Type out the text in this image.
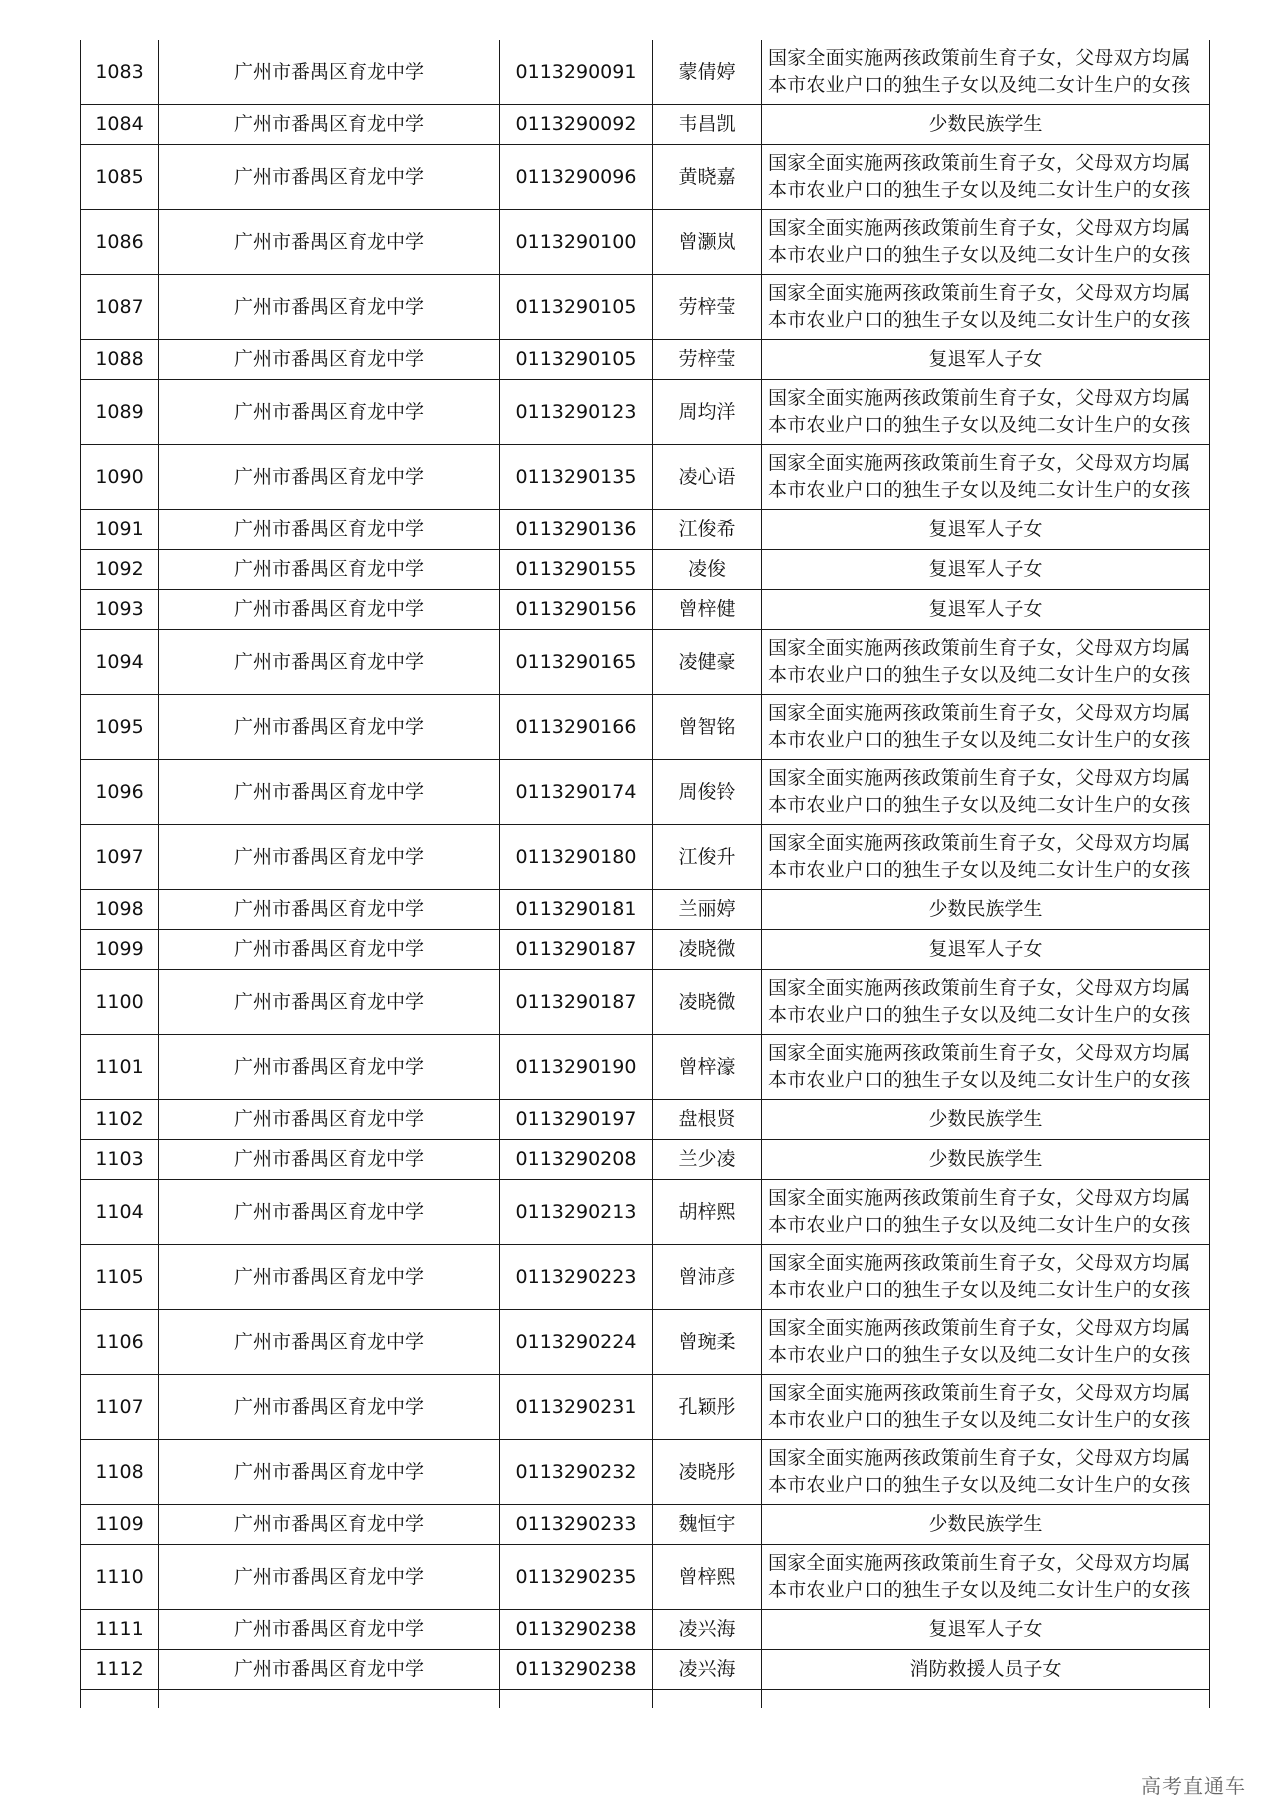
1083	广州市番禺区育龙中学	0113290091	蒙倩婷	国家全面实施两孩政策前生育子女，父母双方均属
本市农业户口的独生子女以及纯二女计生户的女孩

1084	广州市番禺区育龙中学	0113290092	韦昌凯	少数民族学生

1085	广州市番禺区育龙中学	0113290096	黄晓嘉	国家全面实施两孩政策前生育子女，父母双方均属
本市农业户口的独生子女以及纯二女计生户的女孩

1086	广州市番禺区育龙中学	0113290100	曾灏岚	国家全面实施两孩政策前生育子女，父母双方均属
本市农业户口的独生子女以及纯二女计生户的女孩

1087	广州市番禺区育龙中学	0113290105	劳梓莹	国家全面实施两孩政策前生育子女，父母双方均属
本市农业户口的独生子女以及纯二女计生户的女孩

1088	广州市番禺区育龙中学	0113290105	劳梓莹	复退军人子女

1089	广州市番禺区育龙中学	0113290123	周均洋	国家全面实施两孩政策前生育子女，父母双方均属
本市农业户口的独生子女以及纯二女计生户的女孩

1090	广州市番禺区育龙中学	0113290135	凌心语	国家全面实施两孩政策前生育子女，父母双方均属
本市农业户口的独生子女以及纯二女计生户的女孩

1091	广州市番禺区育龙中学	0113290136	江俊希	复退军人子女

1092	广州市番禺区育龙中学	0113290155	凌俊	复退军人子女

1093	广州市番禺区育龙中学	0113290156	曾梓健	复退军人子女

1094	广州市番禺区育龙中学	0113290165	凌健豪	国家全面实施两孩政策前生育子女，父母双方均属
本市农业户口的独生子女以及纯二女计生户的女孩

1095	广州市番禺区育龙中学	0113290166	曾智铭	国家全面实施两孩政策前生育子女，父母双方均属
本市农业户口的独生子女以及纯二女计生户的女孩

1096	广州市番禺区育龙中学	0113290174	周俊铃	国家全面实施两孩政策前生育子女，父母双方均属
本市农业户口的独生子女以及纯二女计生户的女孩

1097	广州市番禺区育龙中学	0113290180	江俊升	国家全面实施两孩政策前生育子女，父母双方均属
本市农业户口的独生子女以及纯二女计生户的女孩

1098	广州市番禺区育龙中学	0113290181	兰丽婷	少数民族学生

1099	广州市番禺区育龙中学	0113290187	凌晓微	复退军人子女

1100	广州市番禺区育龙中学	0113290187	凌晓微	国家全面实施两孩政策前生育子女，父母双方均属
本市农业户口的独生子女以及纯二女计生户的女孩

1101	广州市番禺区育龙中学	0113290190	曾梓濠	国家全面实施两孩政策前生育子女，父母双方均属
本市农业户口的独生子女以及纯二女计生户的女孩

1102	广州市番禺区育龙中学	0113290197	盘根贤	少数民族学生

1103	广州市番禺区育龙中学	0113290208	兰少凌	少数民族学生

1104	广州市番禺区育龙中学	0113290213	胡梓熙	国家全面实施两孩政策前生育子女，父母双方均属
本市农业户口的独生子女以及纯二女计生户的女孩

1105	广州市番禺区育龙中学	0113290223	曾沛彦	国家全面实施两孩政策前生育子女，父母双方均属
本市农业户口的独生子女以及纯二女计生户的女孩

1106	广州市番禺区育龙中学	0113290224	曾琬柔	国家全面实施两孩政策前生育子女，父母双方均属
本市农业户口的独生子女以及纯二女计生户的女孩

1107	广州市番禺区育龙中学	0113290231	孔颖彤	国家全面实施两孩政策前生育子女，父母双方均属
本市农业户口的独生子女以及纯二女计生户的女孩

1108	广州市番禺区育龙中学	0113290232	凌晓彤	国家全面实施两孩政策前生育子女，父母双方均属
本市农业户口的独生子女以及纯二女计生户的女孩

1109	广州市番禺区育龙中学	0113290233	魏恒宇	少数民族学生

1110	广州市番禺区育龙中学	0113290235	曾梓熙	国家全面实施两孩政策前生育子女，父母双方均属
本市农业户口的独生子女以及纯二女计生户的女孩

1111	广州市番禺区育龙中学	0113290238	凌兴海	复退军人子女

1112	广州市番禺区育龙中学	0113290238	凌兴海	消防救援人员子女

高考直通车
